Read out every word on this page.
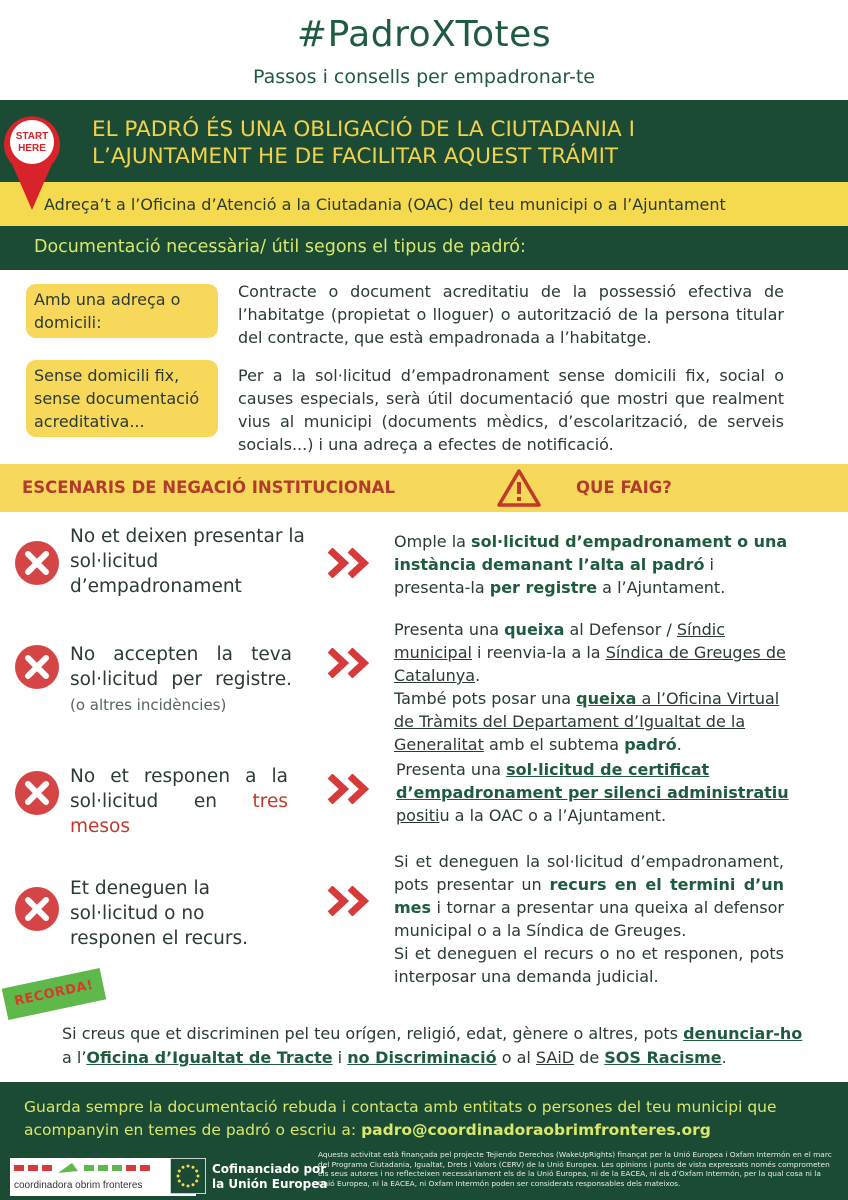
#PadroXTotes
Passos i consells per empadronar-te
EL PADRÓ ÉS UNA OBLIGACIÓ DE LA CIUTADANIA I
L’AJUNTAMENT HE DE FACILITAR AQUEST TRÁMIT
Adreça’t a l’Oficina d’Atenció a la Ciutadania (OAC) del teu municipi o a l’Ajuntament
START
HERE
Documentació necessària/ útil segons el tipus de padró:
Amb una adreça o domicili:
Contracte o document acreditatiu de la possessió efectiva de l’habitatge (propietat o lloguer) o autorització de la persona titular del contracte, que està empadronada a l’habitatge.
Sense domicili fix, sense documentació acreditativa...
Per a la sol·licitud d’empadronament sense domicili fix, social o causes especials, serà útil documentació que mostri que realment vius al municipi (documents mèdics, d’escolarització, de serveis socials...) i una adreça a efectes de notificació.
ESCENARIS DE NEGACIÓ INSTITUCIONAL	QUE FAIG?
No et deixen presentar la sol·licitud d’empadronament
Omple la sol·licitud d’empadronament o una instància demanant l’alta al padró i presenta-la per registre a l’Ajuntament.
No accepten la teva sol·licitud per registre. (o altres incidències)
Presenta una queixa al Defensor / Síndic municipal i reenvia-la a la Síndica de Greuges de Catalunya.
També pots posar una queixa a l’Oficina Virtual de Tràmits del Departament d’Igualtat de la Generalitat amb el subtema padró.
No et responen a la sol·licitud en tres mesos
Presenta una sol·licitud de certificat d’empadronament per silenci administratiu positiu a la OAC o a l’Ajuntament.
Et deneguen la sol·licitud o no responen el recurs.
Si et deneguen la sol·licitud d’empadronament, pots presentar un recurs en el termini d’un mes i tornar a presentar una queixa al defensor municipal o a la Síndica de Greuges.
Si et deneguen el recurs o no et responen, pots interposar una demanda judicial.
RECORDA!
Si creus que et discriminen pel teu orígen, religió, edat, gènere o altres, pots denunciar-ho a l’Oficina d’Igualtat de Tracte i no Discriminació o al SAiD de SOS Racisme.
Guarda sempre la documentació rebuda i contacta amb entitats o persones del teu municipi que acompanyin en temes de padró o escriu a: padro@coordinadoraobrimfronteres.org
coordinadora obrim fronteres
Cofinanciado por
la Unión Europea
Aquesta activitat està finançada pel projecte Tejiendo Derechos (WakeUpRights) finançat per la Unió Europea i Oxfam Intermón en el marc del Programa Ciutadania, Igualtat, Drets i Valors (CERV) de la Unió Europea. Les opinions i punts de vista expressats només comprometen els seus autores i no reflecteixen necessàriament els de la Unió Europea, ni de la EACEA, ni els d’Oxfam Intermón, per la qual cosa ni la Unió Europea, ni la EACEA, ni Oxfam Intermón poden ser considerats responsables dels mateixos.
